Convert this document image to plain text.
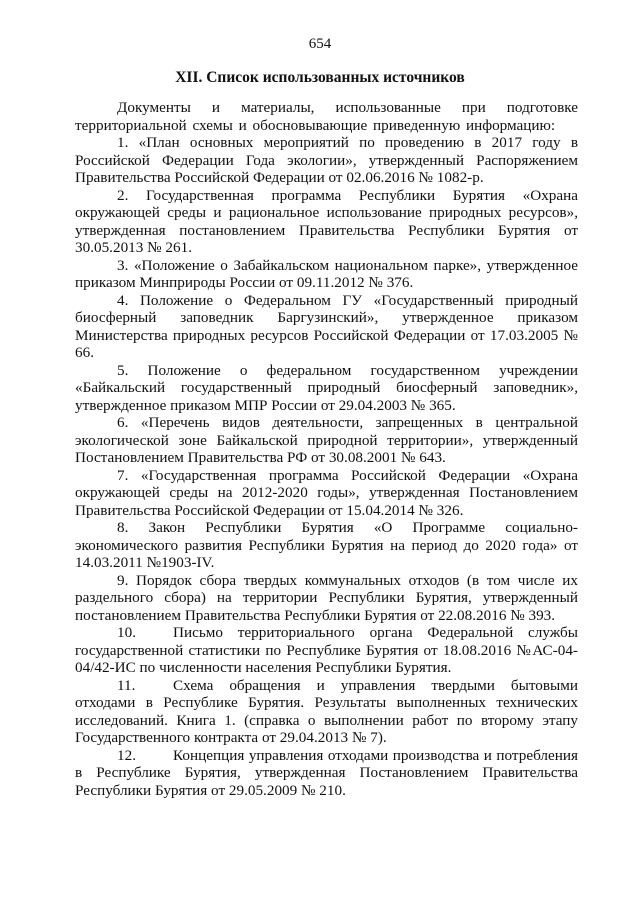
654
XII. Список использованных источников

Документы и материалы, использованные при подготовке территориальной схемы и обосновывающие приведенную информацию:

1. «План основных мероприятий по проведению в 2017 году в Российской Федерации Года экологии», утвержденный Распоряжением Правительства Российской Федерации от 02.06.2016 № 1082-р.

2. Государственная программа Республики Бурятия «Охрана окружающей среды и рациональное использование природных ресурсов», утвержденная постановлением Правительства Республики Бурятия от 30.05.2013 № 261.

3. «Положение о Забайкальском национальном парке», утвержденное приказом Минприроды России от 09.11.2012 № 376.

4. Положение о Федеральном ГУ «Государственный природный биосферный заповедник Баргузинский», утвержденное приказом Министерства природных ресурсов Российской Федерации от 17.03.2005 № 66.

5. Положение о федеральном государственном учреждении «Байкальский государственный природный биосферный заповедник», утвержденное приказом МПР России от 29.04.2003 № 365.

6. «Перечень видов деятельности, запрещенных в центральной экологической зоне Байкальской природной территории», утвержденный Постановлением Правительства РФ от 30.08.2001 № 643.

7. «Государственная программа Российской Федерации «Охрана окружающей среды на 2012-2020 годы», утвержденная Постановлением Правительства Российской Федерации от 15.04.2014 № 326.

8. Закон Республики Бурятия «О Программе социально-экономического развития Республики Бурятия на период до 2020 года» от 14.03.2011 №1903-IV.

9. Порядок сбора твердых коммунальных отходов (в том числе их раздельного сбора) на территории Республики Бурятия, утвержденный постановлением Правительства Республики Бурятия от 22.08.2016 № 393.

10. Письмо территориального органа Федеральной службы государственной статистики по Республике Бурятия от 18.08.2016 №АС-04-04/42-ИС по численности населения Республики Бурятия.

11. Схема обращения и управления твердыми бытовыми отходами в Республике Бурятия. Результаты выполненных технических исследований. Книга 1. (справка о выполнении работ по второму этапу Государственного контракта от 29.04.2013 № 7).

12. Концепция управления отходами производства и потребления в Республике Бурятия, утвержденная Постановлением Правительства Республики Бурятия от 29.05.2009 № 210.
